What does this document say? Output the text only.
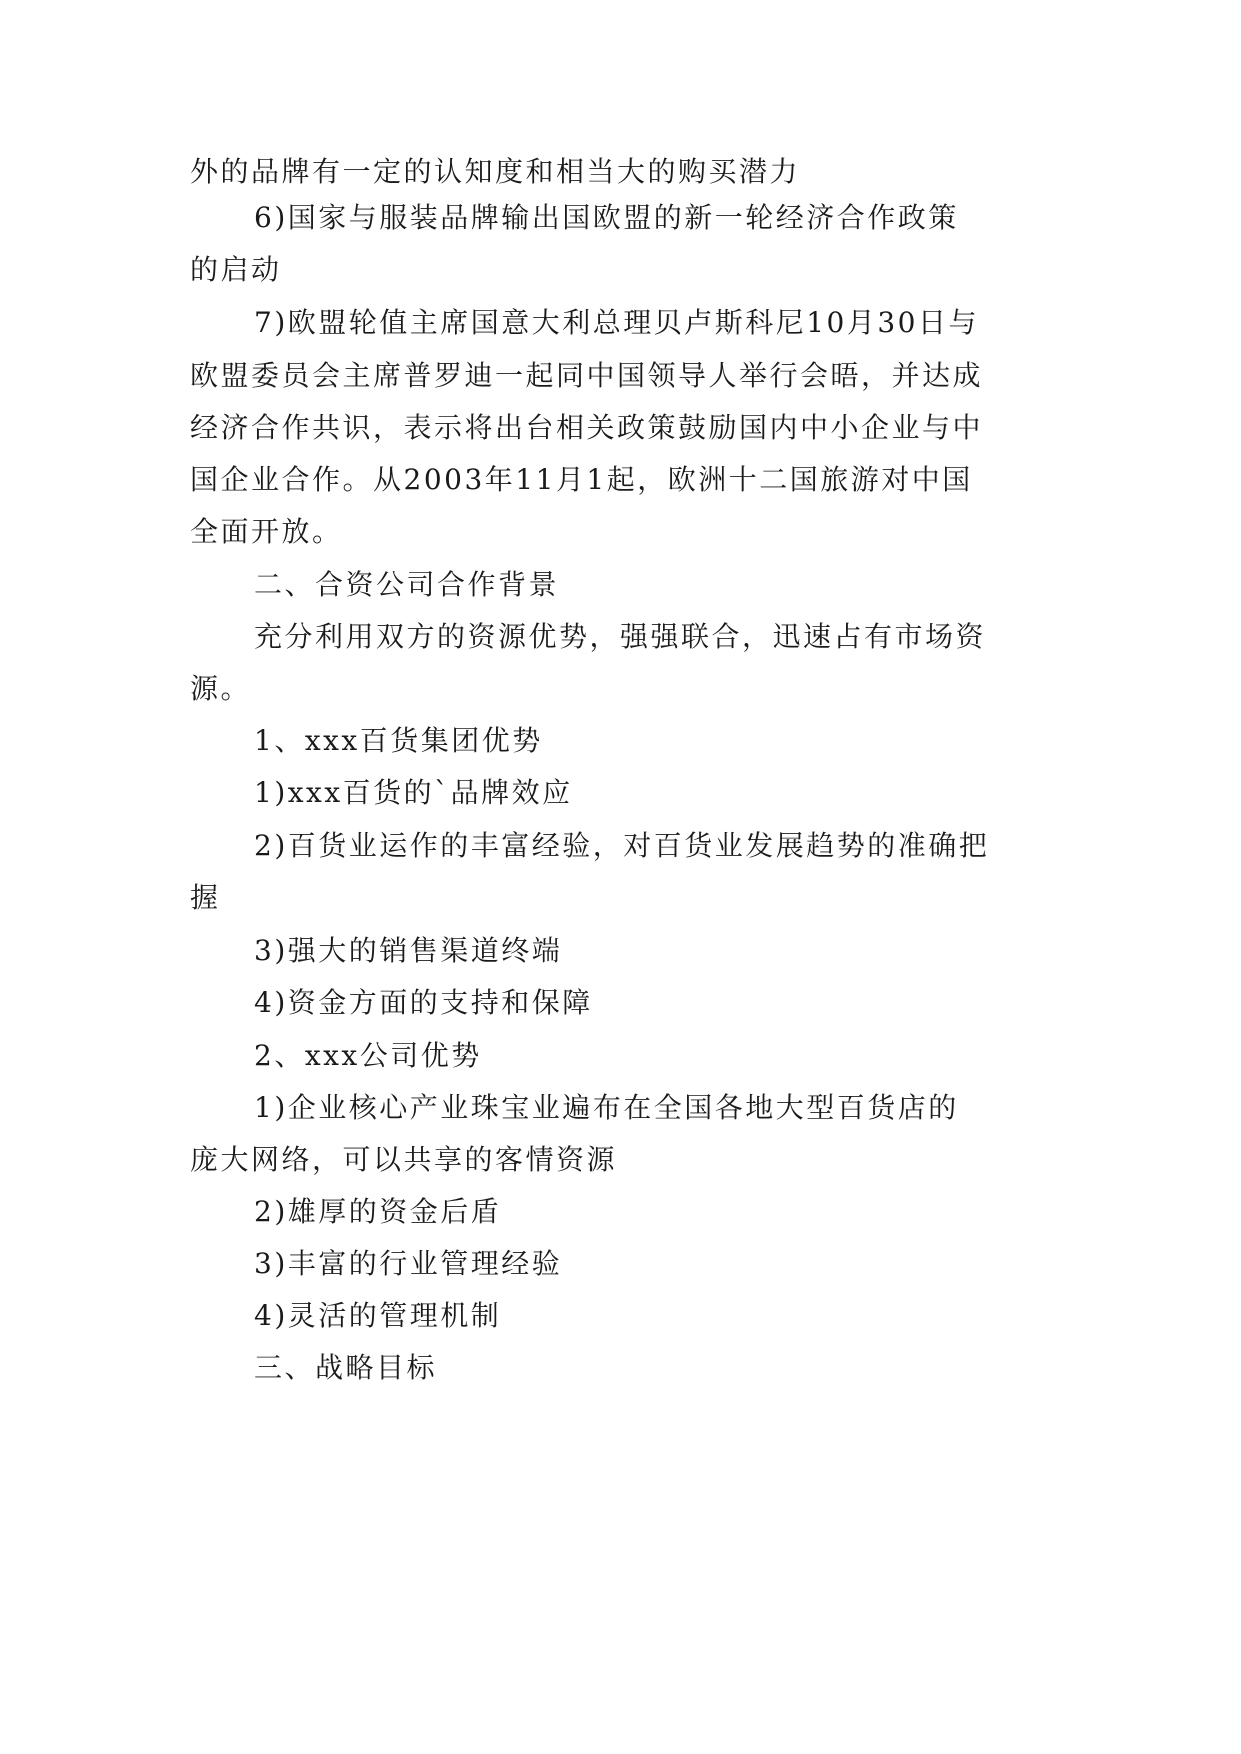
外的品牌有一定的认知度和相当大的购买潜力
6)国家与服装品牌输出国欧盟的新一轮经济合作政策
的启动
7)欧盟轮值主席国意大利总理贝卢斯科尼10月30日与
欧盟委员会主席普罗迪一起同中国领导人举行会晤，并达成
经济合作共识，表示将出台相关政策鼓励国内中小企业与中
国企业合作。从2003年11月1起，欧洲十二国旅游对中国
全面开放。
二、合资公司合作背景
充分利用双方的资源优势，强强联合，迅速占有市场资
源。
1、xxx百货集团优势
1)xxx百货的`品牌效应
2)百货业运作的丰富经验，对百货业发展趋势的准确把
握
3)强大的销售渠道终端
4)资金方面的支持和保障
2、xxx公司优势
1)企业核心产业珠宝业遍布在全国各地大型百货店的
庞大网络，可以共享的客情资源
2)雄厚的资金后盾
3)丰富的行业管理经验
4)灵活的管理机制
三、战略目标
